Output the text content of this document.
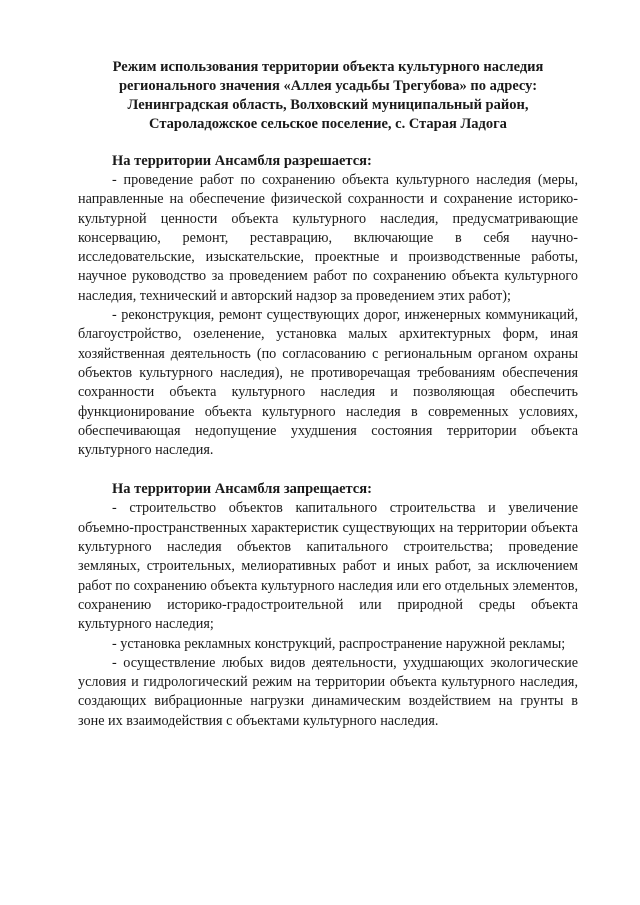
Режим использования территории объекта культурного наследия
регионального значения «Аллея усадьбы Трегубова» по адресу:
Ленинградская область, Волховский муниципальный район,
Староладожское сельское поселение, с. Старая Ладога

На территории Ансамбля разрешается:

- проведение работ по сохранению объекта культурного наследия (меры, направленные на обеспечение физической сохранности и сохранение историко-культурной ценности объекта культурного наследия, предусматривающие консервацию, ремонт, реставрацию, включающие в себя научно-исследовательские, изыскательские, проектные и производственные работы, научное руководство за проведением работ по сохранению объекта культурного наследия, технический и авторский надзор за проведением этих работ);

- реконструкция, ремонт существующих дорог, инженерных коммуникаций, благоустройство, озеленение, установка малых архитектурных форм, иная хозяйственная деятельность (по согласованию с региональным органом охраны объектов культурного наследия), не противоречащая требованиям обеспечения сохранности объекта культурного наследия и позволяющая обеспечить функционирование объекта культурного наследия в современных условиях, обеспечивающая недопущение ухудшения состояния территории объекта культурного наследия.

На территории Ансамбля запрещается:

- строительство объектов капитального строительства и увеличение объемно-пространственных характеристик существующих на территории объекта культурного наследия объектов капитального строительства; проведение земляных, строительных, мелиоративных работ и иных работ, за исключением работ по сохранению объекта культурного наследия или его отдельных элементов, сохранению историко-градостроительной или природной среды объекта культурного наследия;

- установка рекламных конструкций, распространение наружной рекламы;

- осуществление любых видов деятельности, ухудшающих экологические условия и гидрологический режим на территории объекта культурного наследия, создающих вибрационные нагрузки динамическим воздействием на грунты в зоне их взаимодействия с объектами культурного наследия.
